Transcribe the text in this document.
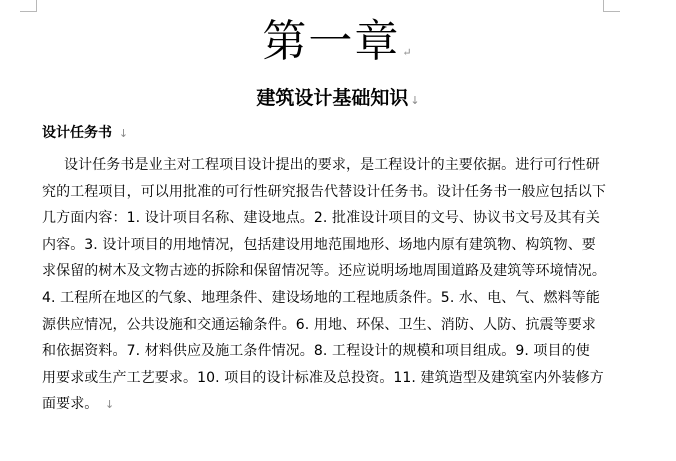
第一章 ↵
建筑设计基础知识 ↓
设计任务书 ↓
设计任务书是业主对工程项目设计提出的要求，是工程设计的主要依据。进行可行性研
究的工程项目，可以用批准的可行性研究报告代替设计任务书。设计任务书一般应包括以下
几方面内容：1. 设计项目名称、建设地点。2. 批准设计项目的文号、协议书文号及其有关
内容。3. 设计项目的用地情况，包括建设用地范围地形、场地内原有建筑物、构筑物、要
求保留的树木及文物古迹的拆除和保留情况等。还应说明场地周围道路及建筑等环境情况。
4. 工程所在地区的气象、地理条件、建设场地的工程地质条件。5. 水、电、气、燃料等能
源供应情况，公共设施和交通运输条件。6. 用地、环保、卫生、消防、人防、抗震等要求
和依据资料。7. 材料供应及施工条件情况。8. 工程设计的规模和项目组成。9. 项目的使
用要求或生产工艺要求。10. 项目的设计标准及总投资。11. 建筑造型及建筑室内外装修方
面要求。 ↓
